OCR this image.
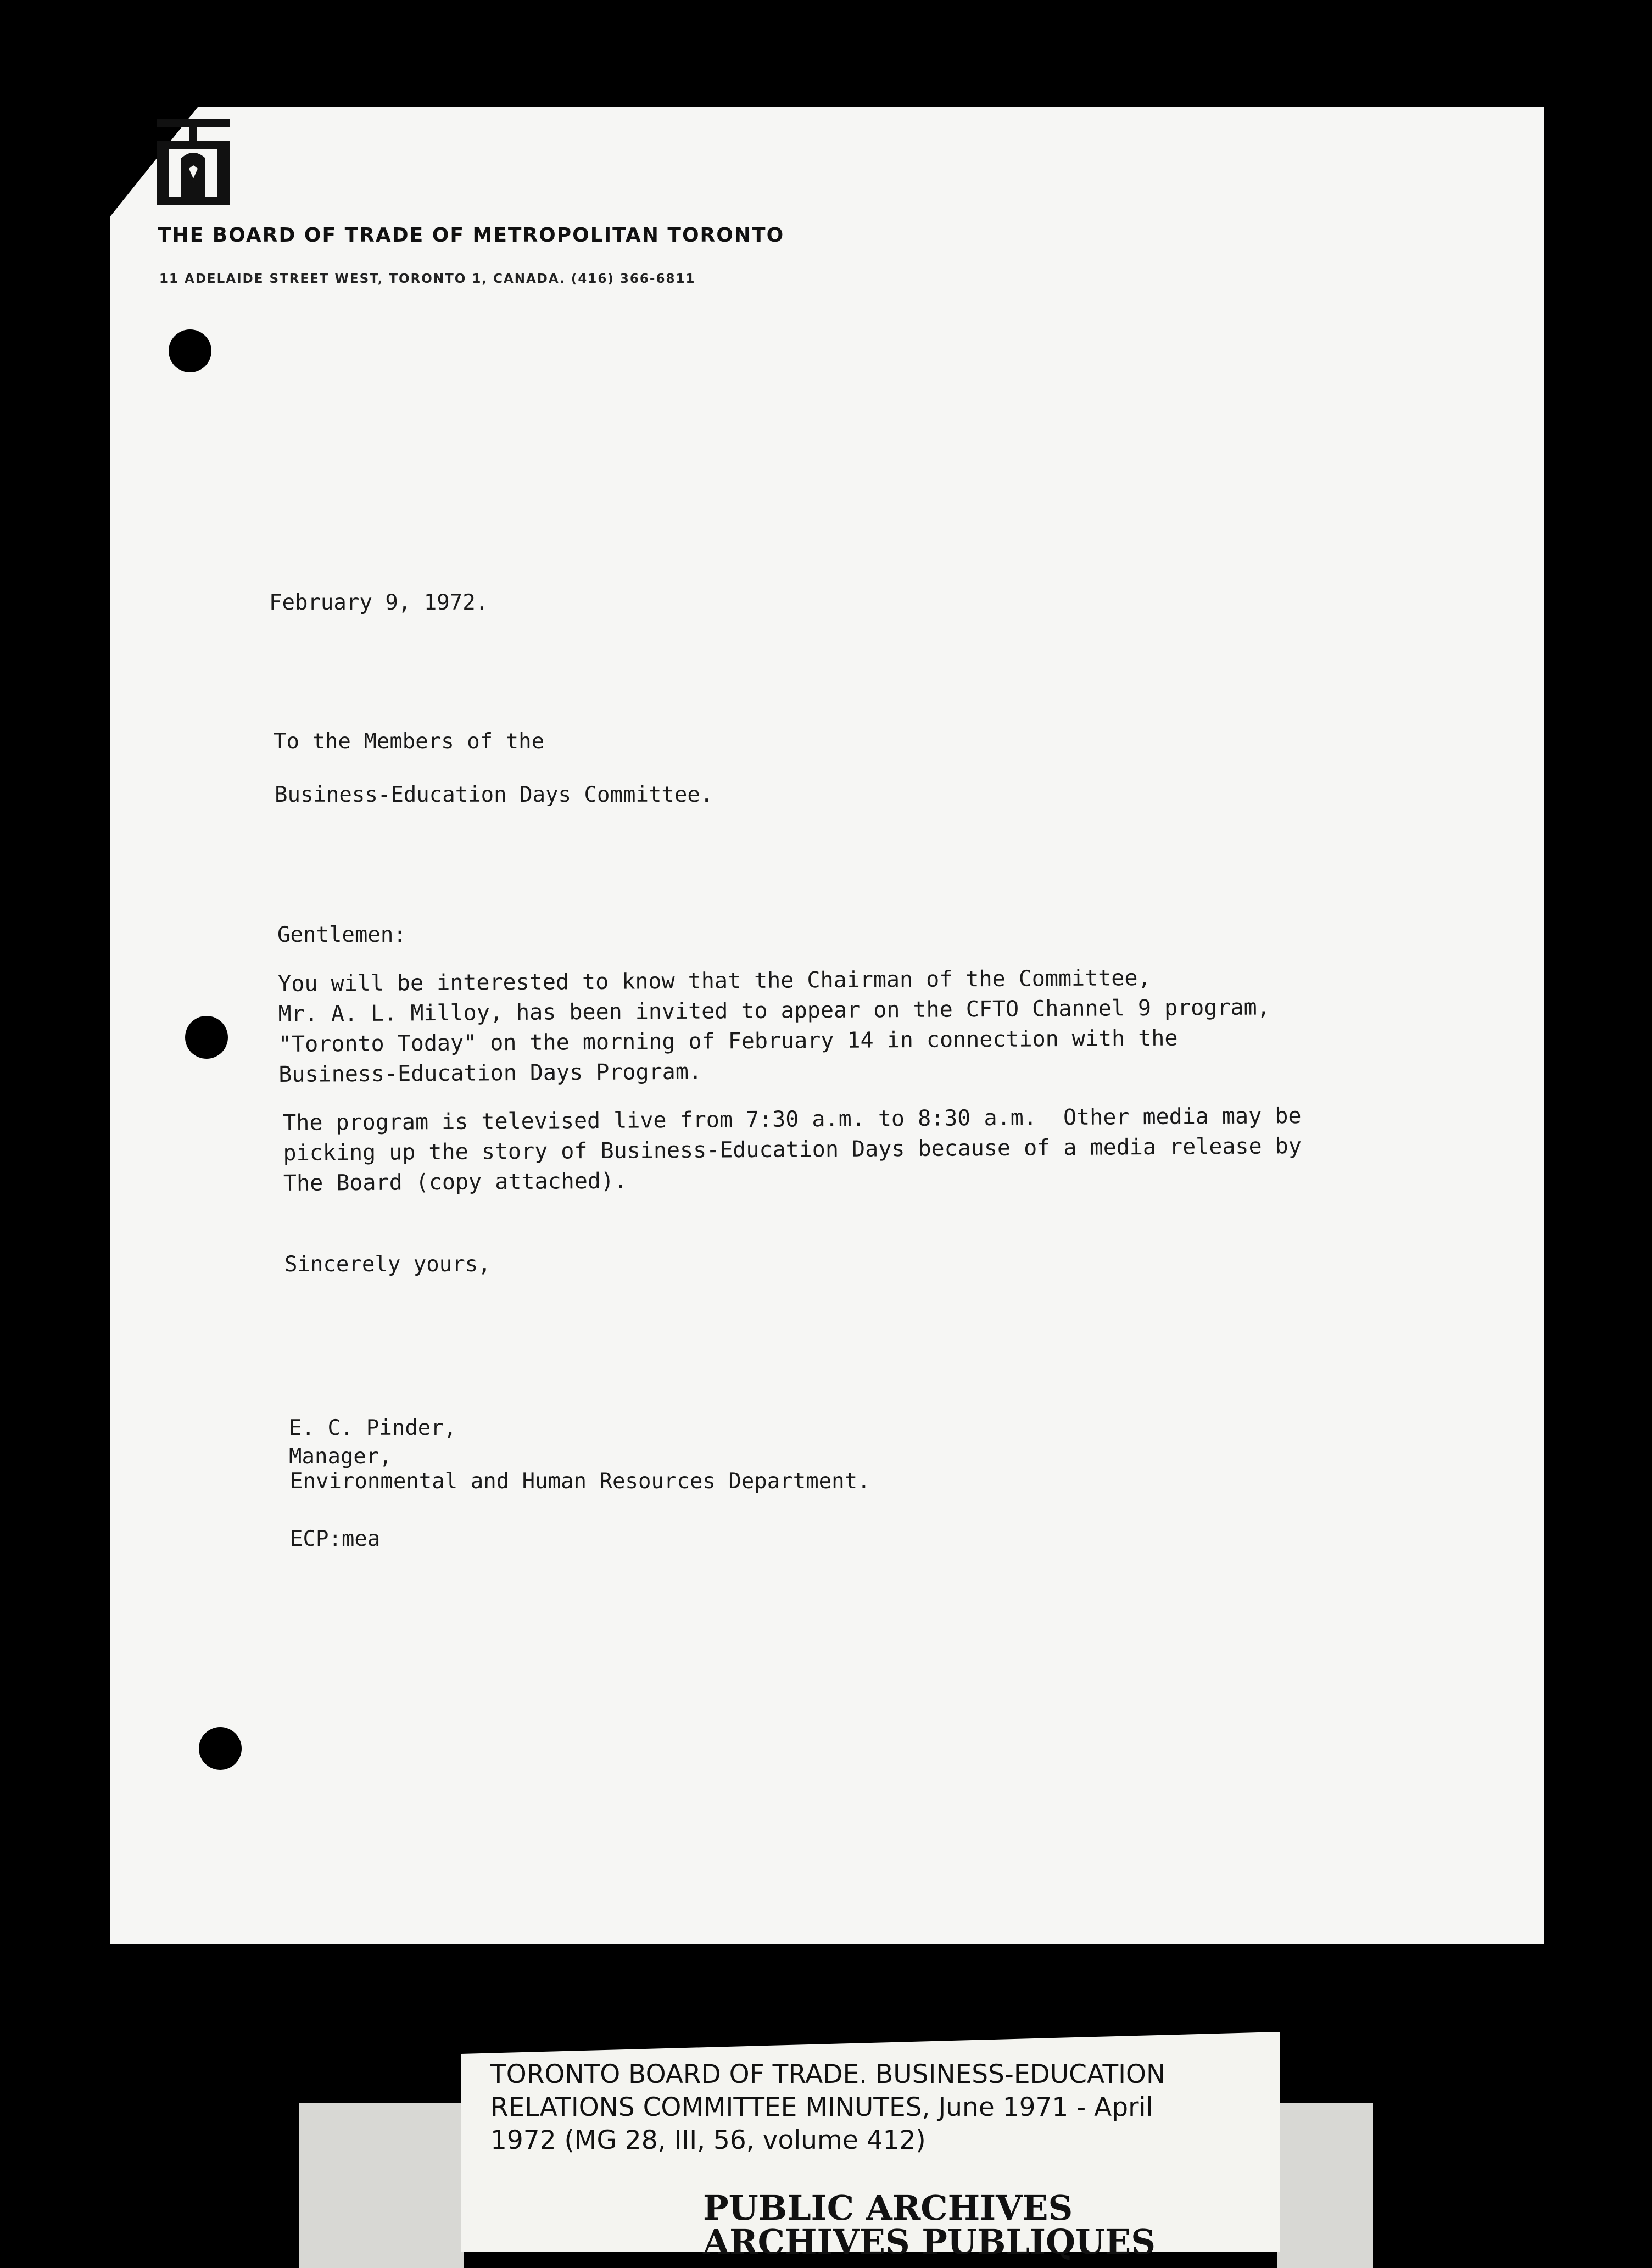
THE BOARD OF TRADE OF METROPOLITAN TORONTO
11 ADELAIDE STREET WEST, TORONTO 1, CANADA. (416) 366-6811
February 9, 1972.
To the Members of the
Business-Education Days Committee.
Gentlemen:
You will be interested to know that the Chairman of the Committee,
Mr. A. L. Milloy, has been invited to appear on the CFTO Channel 9 program,
"Toronto Today" on the morning of February 14 in connection with the
Business-Education Days Program.
The program is televised live from 7:30 a.m. to 8:30 a.m.  Other media may be
picking up the story of Business-Education Days because of a media release by
The Board (copy attached).
Sincerely yours,
E. C. Pinder,
Manager,
Environmental and Human Resources Department.
ECP:mea
TORONTO BOARD OF TRADE. BUSINESS-EDUCATION
RELATIONS COMMITTEE MINUTES, June 1971 - April
1972 (MG 28, III, 56, volume 412)
PUBLIC ARCHIVES
ARCHIVES PUBLIQUES
